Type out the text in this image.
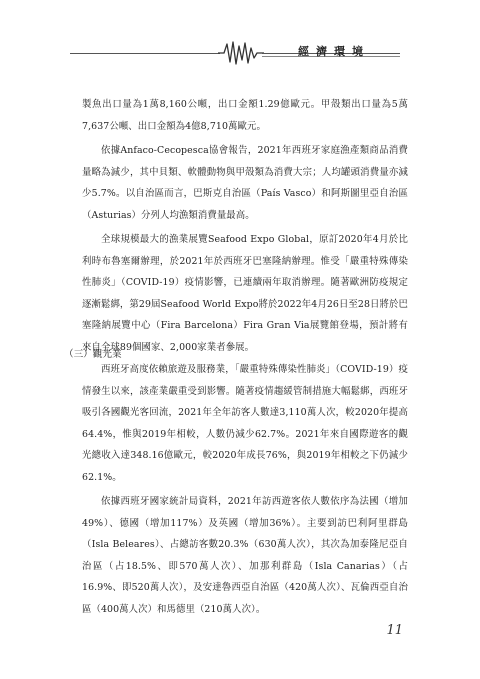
經濟環境

製魚出口量為1萬8,160公噸，出口金額1.29億歐元。甲殼類出口量為5萬7,637公噸、出口金額為4億8,710萬歐元。

依據Anfaco-Cecopesca協會報告，2021年西班牙家庭漁產類商品消費量略為減少，其中貝類、軟體動物與甲殼類為消費大宗；人均罐頭消費量亦減少5.7%。以自治區而言，巴斯克自治區（País Vasco）和阿斯圖里亞自治區（Asturias）分列人均漁類消費量最高。

全球規模最大的漁業展覽Seafood Expo Global，原訂2020年4月於比利時布魯塞爾辦理，於2021年於西班牙巴塞隆納辦理。惟受「嚴重特殊傳染性肺炎」（COVID-19）疫情影響，已連續兩年取消辦理。隨著歐洲防疫規定逐漸鬆綁，第29屆Seafood World Expo將於2022年4月26日至28日將於巴塞隆納展覽中心（Fira Barcelona）Fira Gran Via展覽館登場，預計將有來自全球89個國家、2,000家業者參展。

（三）觀光業

西班牙高度依賴旅遊及服務業，「嚴重特殊傳染性肺炎」（COVID-19）疫情發生以來，該產業嚴重受到影響。隨著疫情趨緩管制措施大幅鬆綁，西班牙吸引各國觀光客回流，2021年全年訪客人數達3,110萬人次，較2020年提高64.4%，惟與2019年相較，人數仍減少62.7%。2021年來自國際遊客的觀光總收入達348.16億歐元，較2020年成長76%，與2019年相較之下仍減少62.1%。

依據西班牙國家統計局資料，2021年訪西遊客依人數依序為法國（增加49%）、德國（增加117%）及英國（增加36%）。主要到訪巴利阿里群島（Isla Beleares）、占總訪客數20.3%（630萬人次），其次為加泰隆尼亞自治區（占18.5%、即570萬人次）、加那利群島（Isla Canarias）（占16.9%、即520萬人次），及安達魯西亞自治區（420萬人次）、瓦倫西亞自治區（400萬人次）和馬德里（210萬人次）。

11
